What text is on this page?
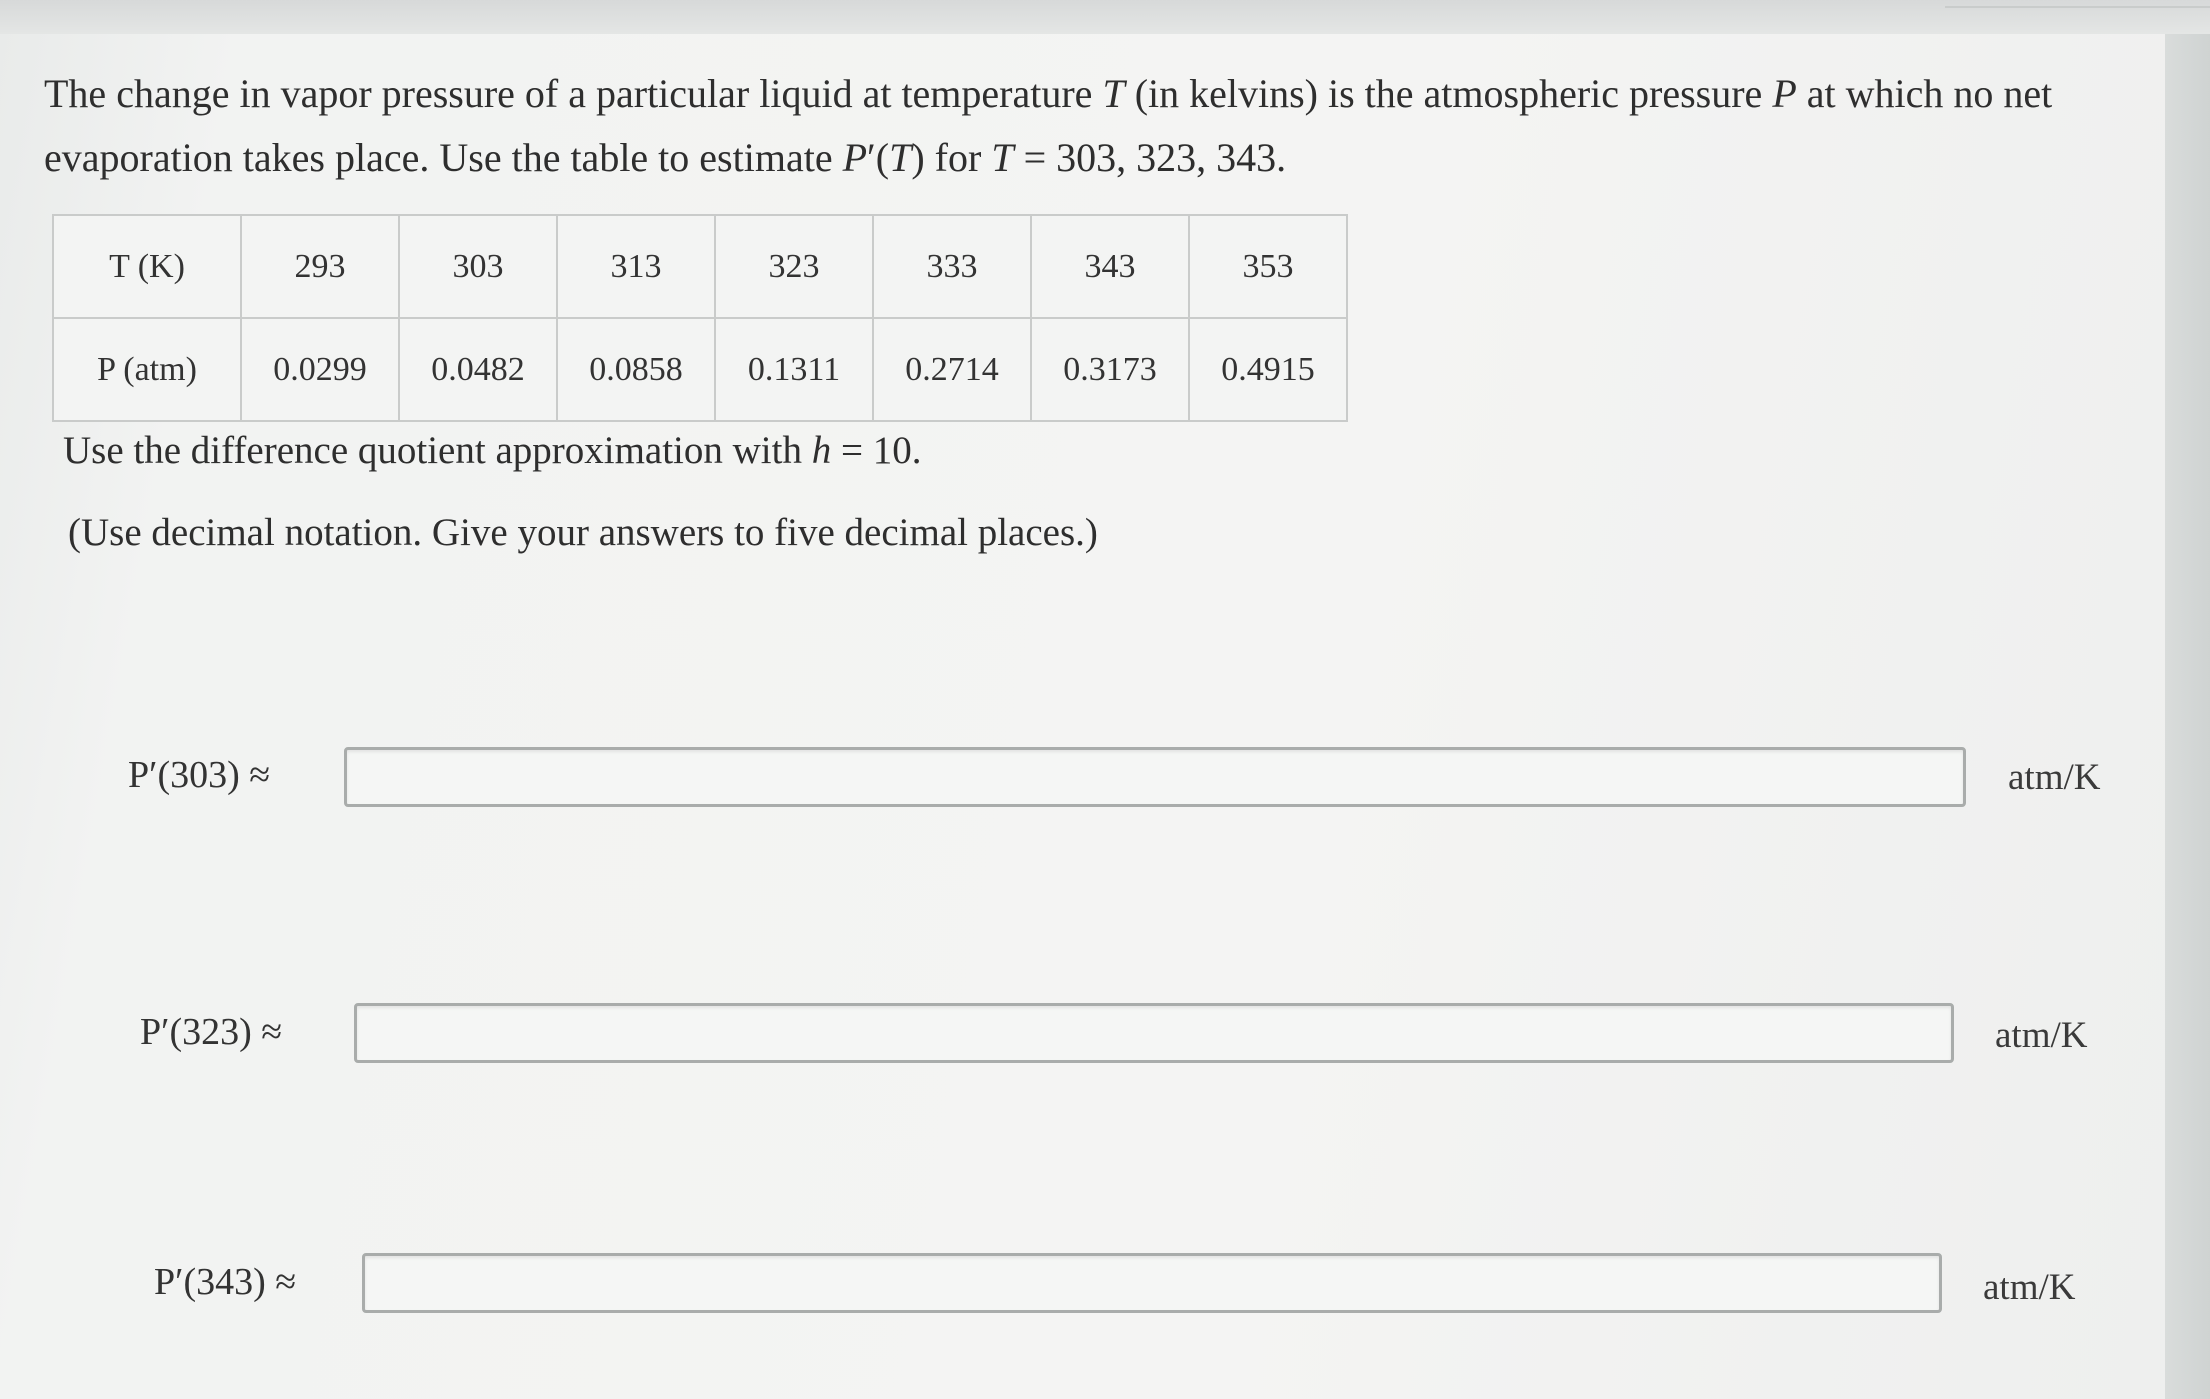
The change in vapor pressure of a particular liquid at temperature T (in kelvins) is the atmospheric pressure P at which no net
evaporation takes place. Use the table to estimate P′(T) for T = 303, 323, 343.
T (K)	293	303	313	323	333	343	353
P (atm)	0.0299	0.0482	0.0858	0.1311	0.2714	0.3173	0.4915
Use the difference quotient approximation with h = 10.
(Use decimal notation. Give your answers to five decimal places.)
P′(303) ≈	atm/K
P′(323) ≈	atm/K
P′(343) ≈	atm/K
